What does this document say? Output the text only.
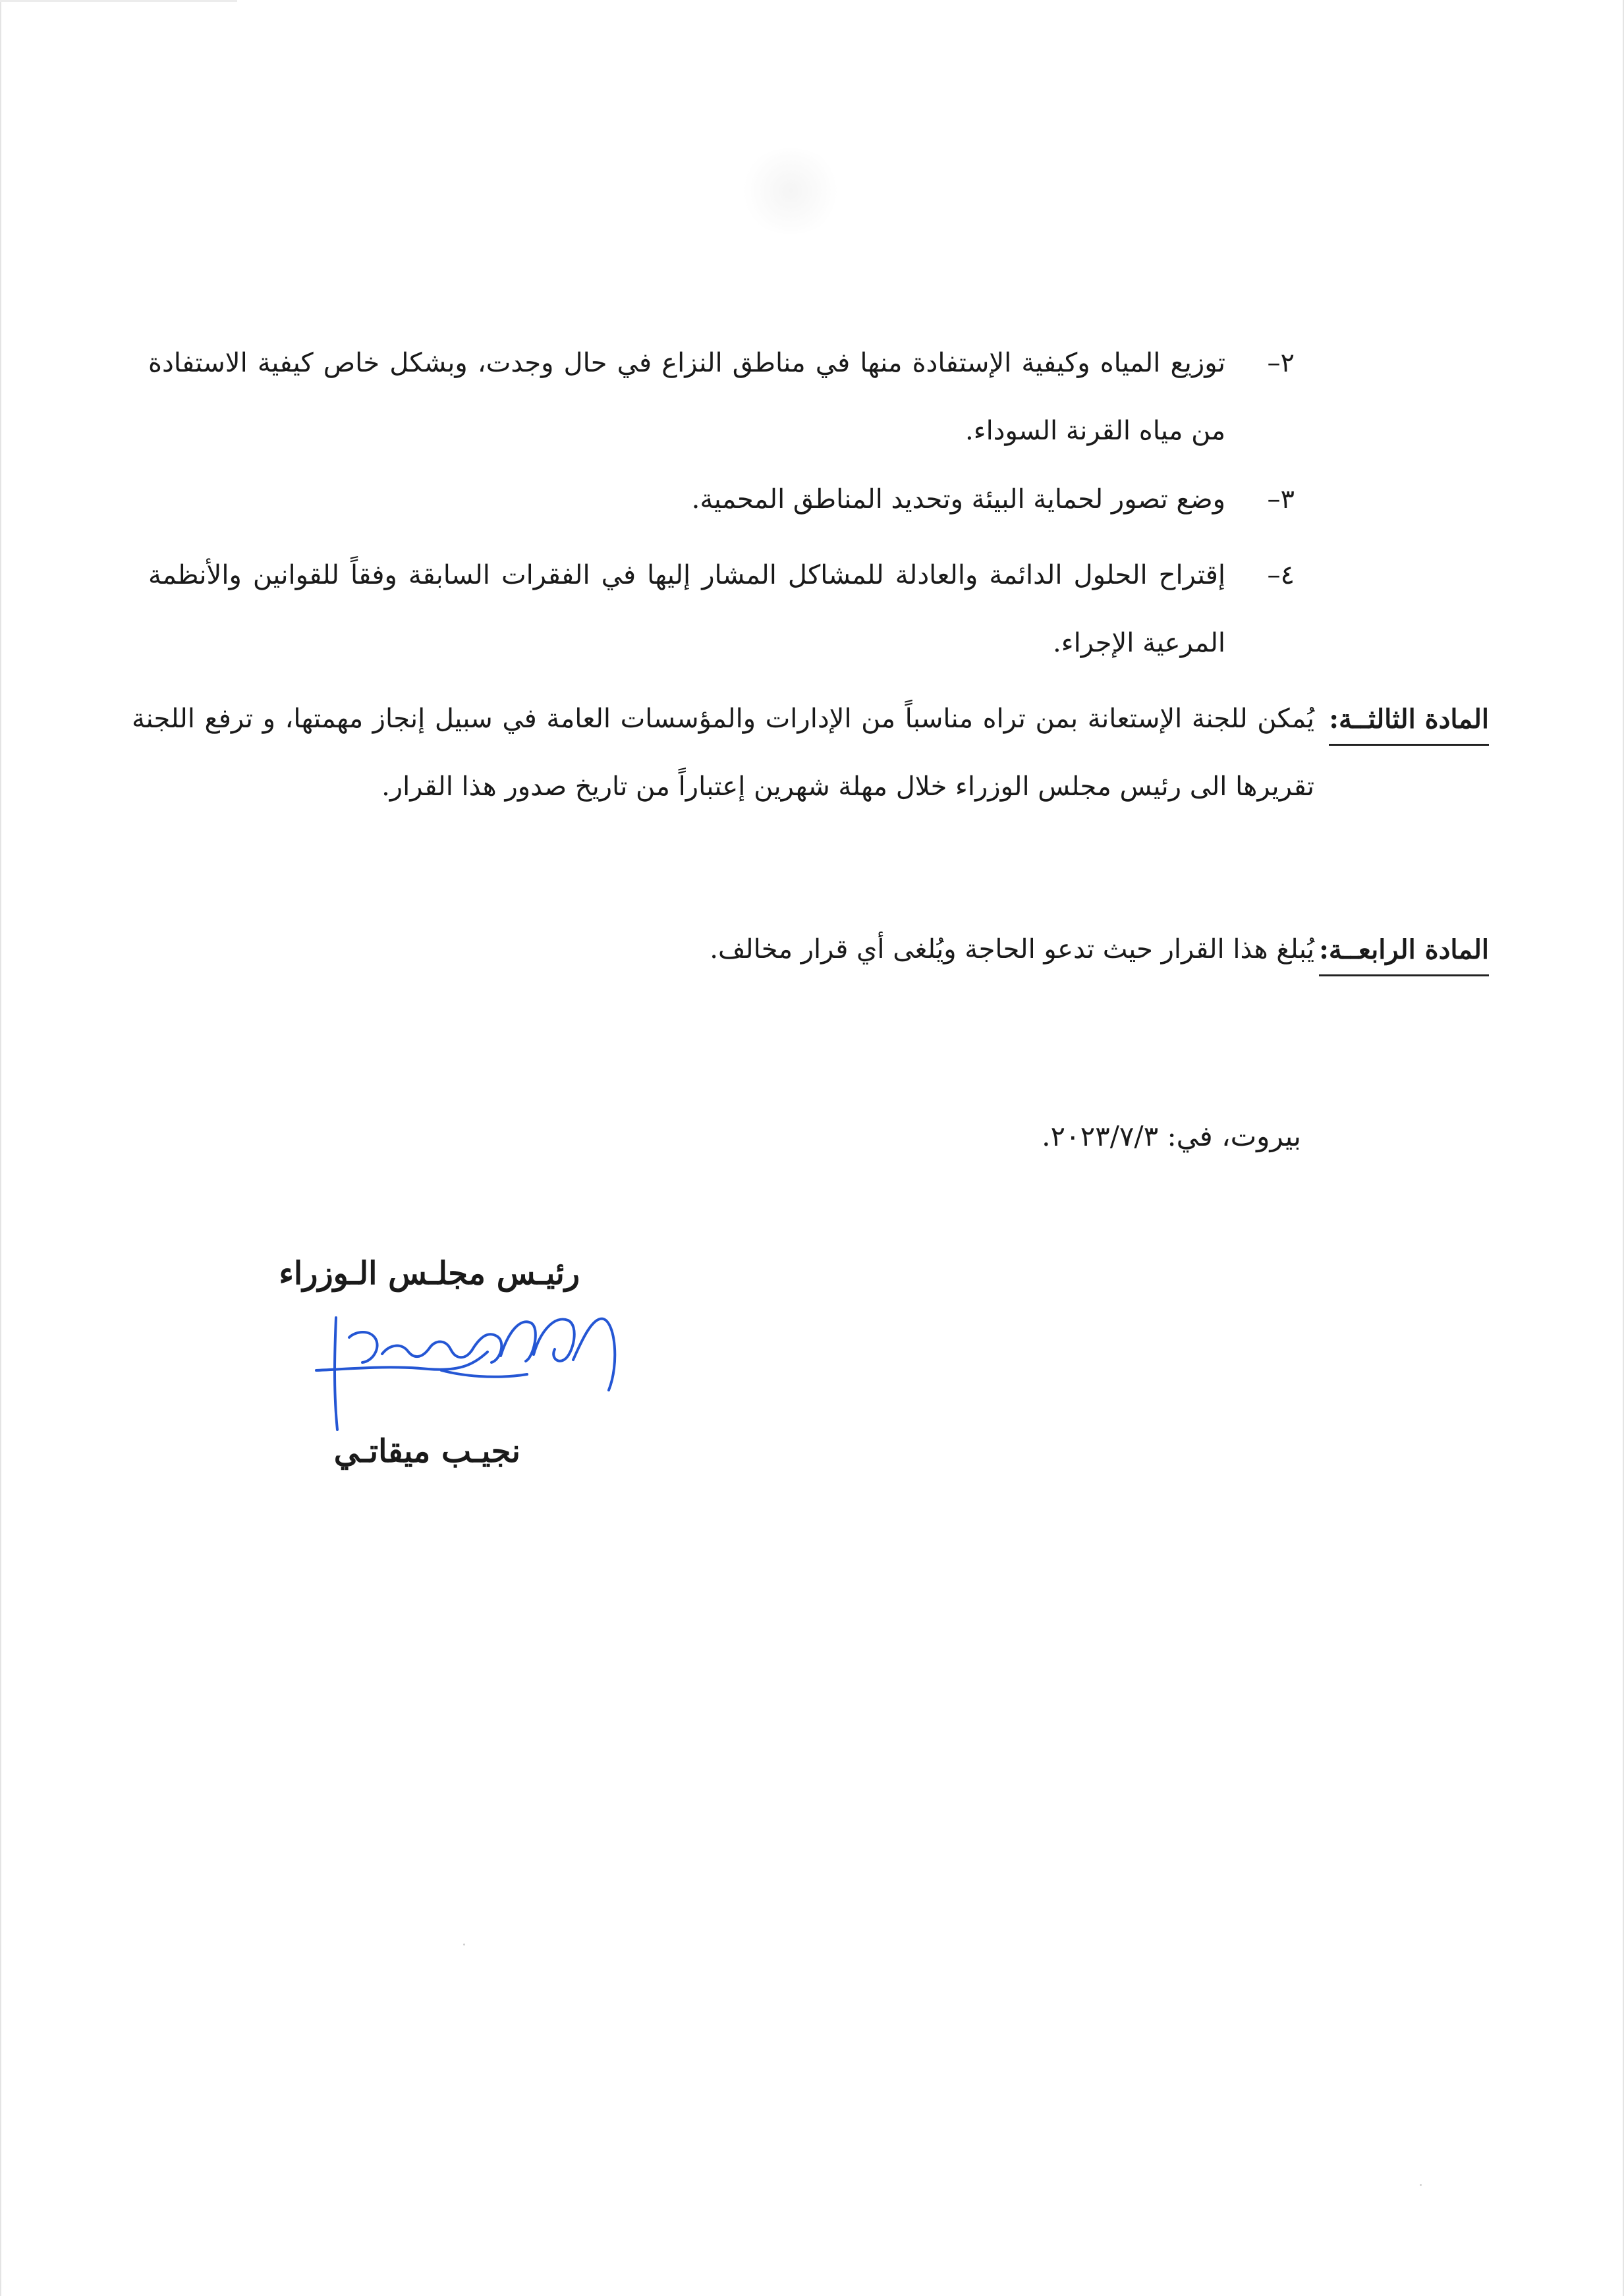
٢–
توزيع المياه وكيفية الإستفادة منها في مناطق النزاع في حال وجدت، وبشكل خاص كيفية الاستفادة من مياه القرنة السوداء.
٣–
وضع تصور لحماية البيئة وتحديد المناطق المحمية.
٤–
إقتراح الحلول الدائمة والعادلة للمشاكل المشار إليها في الفقرات السابقة وفقاً للقوانين والأنظمة المرعية الإجراء.
المادة الثالثــة:
يُمكن للجنة الإستعانة بمن تراه مناسباً من الإدارات والمؤسسات العامة في سبيل إنجاز مهمتها، و ترفع اللجنة تقريرها الى رئيس مجلس الوزراء خلال مهلة شهرين إعتباراً من تاريخ صدور هذا القرار.
المادة الرابعــة:
يُبلغ هذا القرار حيث تدعو الحاجة ويُلغى أي قرار مخالف.
بيروت، في: ٢٠٢٣/٧/٣.
رئيـس مجلـس الـوزراء
نجيـب ميقاتـي
